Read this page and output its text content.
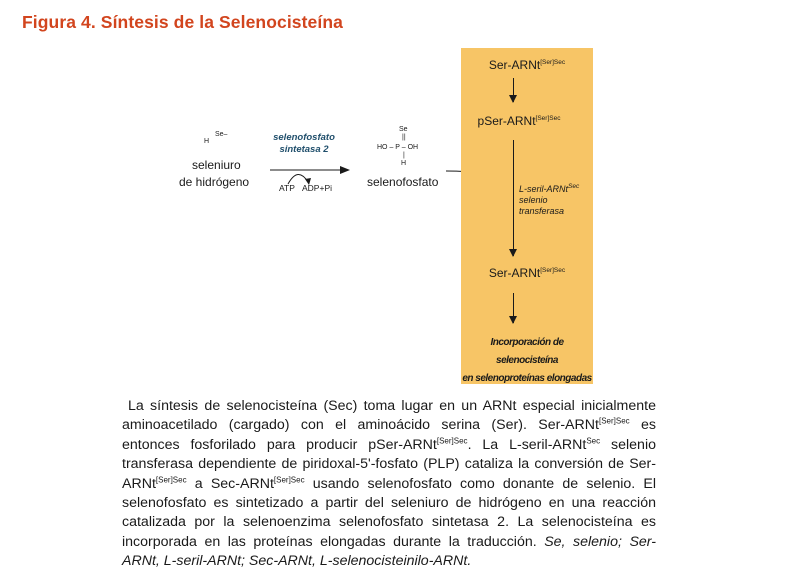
Figura 4. Síntesis de la Selenocisteína
H
Se–
seleniuro
de hidrógeno
selenofosfato
sintetasa 2
ATP ADP+Pi
Se
||
HO – P – OH
|
H
selenofosfato
Ser-ARNt$^{[Ser]Sec}$
pSer-ARNt$^{[Ser]Sec}$
L-seril-ARNt$^{Sec}$
selenio
transferasa
Ser-ARNt$^{[Ser]Sec}$
Incorporación de selenocisteína
en selenoproteínas elongadas

La síntesis de selenocisteína (Sec) toma lugar en un ARNt especial inicialmente aminoacetilado (cargado) con el aminoácido serina (Ser). Ser-ARNt$^{[Ser]Sec}$ es entonces fosforilado para producir pSer-ARNt$^{[Ser]Sec}$. La L-seril-ARNt$^{Sec}$ selenio transferasa dependiente de piridoxal-5'-fosfato (PLP) cataliza la conversión de Ser-ARNt$^{[Ser]Sec}$ a Sec-ARNt$^{[Ser]Sec}$ usando selenofosfato como donante de selenio. El selenofosfato es sintetizado a partir del seleniuro de hidrógeno en una reacción catalizada por la selenoenzima selenofosfato sintetasa 2. La selenocisteína es incorporada en las proteínas elongadas durante la traducción. Se, selenio; Ser-ARNt, L-seril-ARNt; Sec-ARNt, L-selenocisteinilo-ARNt.
